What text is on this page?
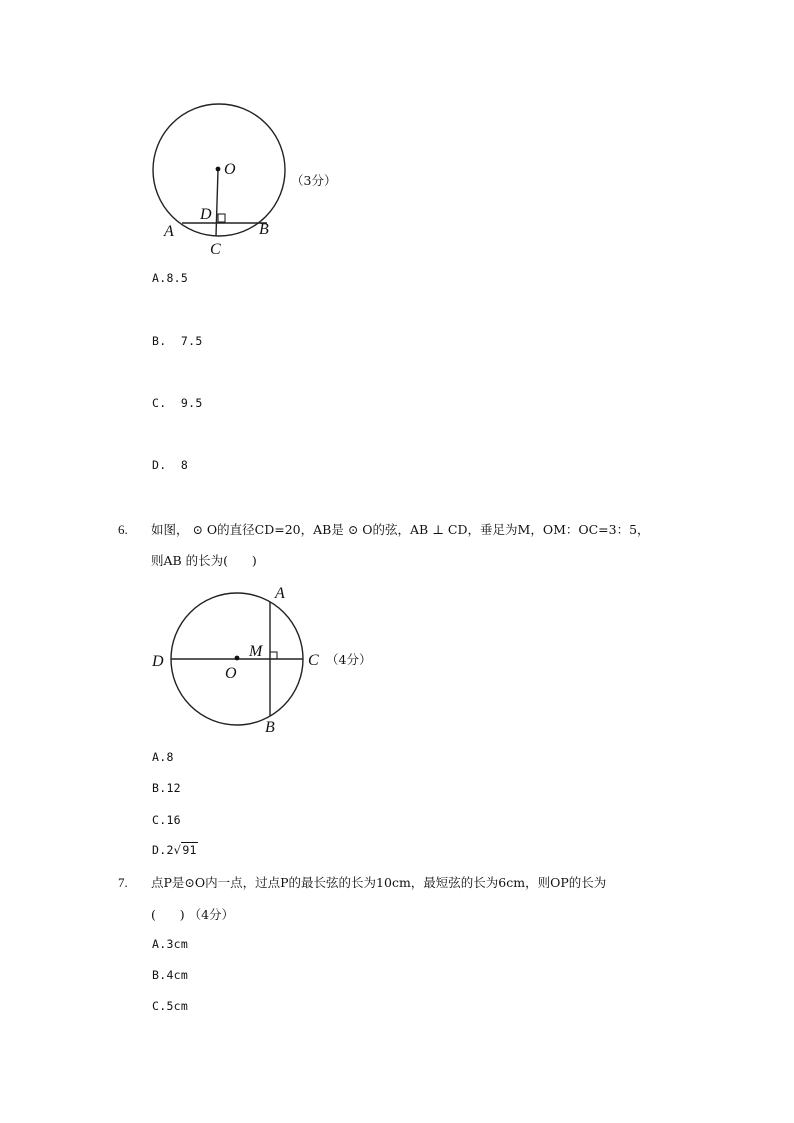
O
D
A	B
C
（3分）
A.8.5
B.  7.5
C.  9.5
D.  8
6. 如图， ⊙ O的直径CD=20，AB是 ⊙ O的弦，AB ⊥ CD，垂足为M，OM：OC=3：5，
则AB 的长为(      )
A
M
C
D
O
B
（4分）
A.8
B.12
C.16
D.2√91
7. 点P是⊙O内一点，过点P的最长弦的长为10cm，最短弦的长为6cm，则OP的长为
(      ) （4分）
A.3cm
B.4cm
C.5cm
